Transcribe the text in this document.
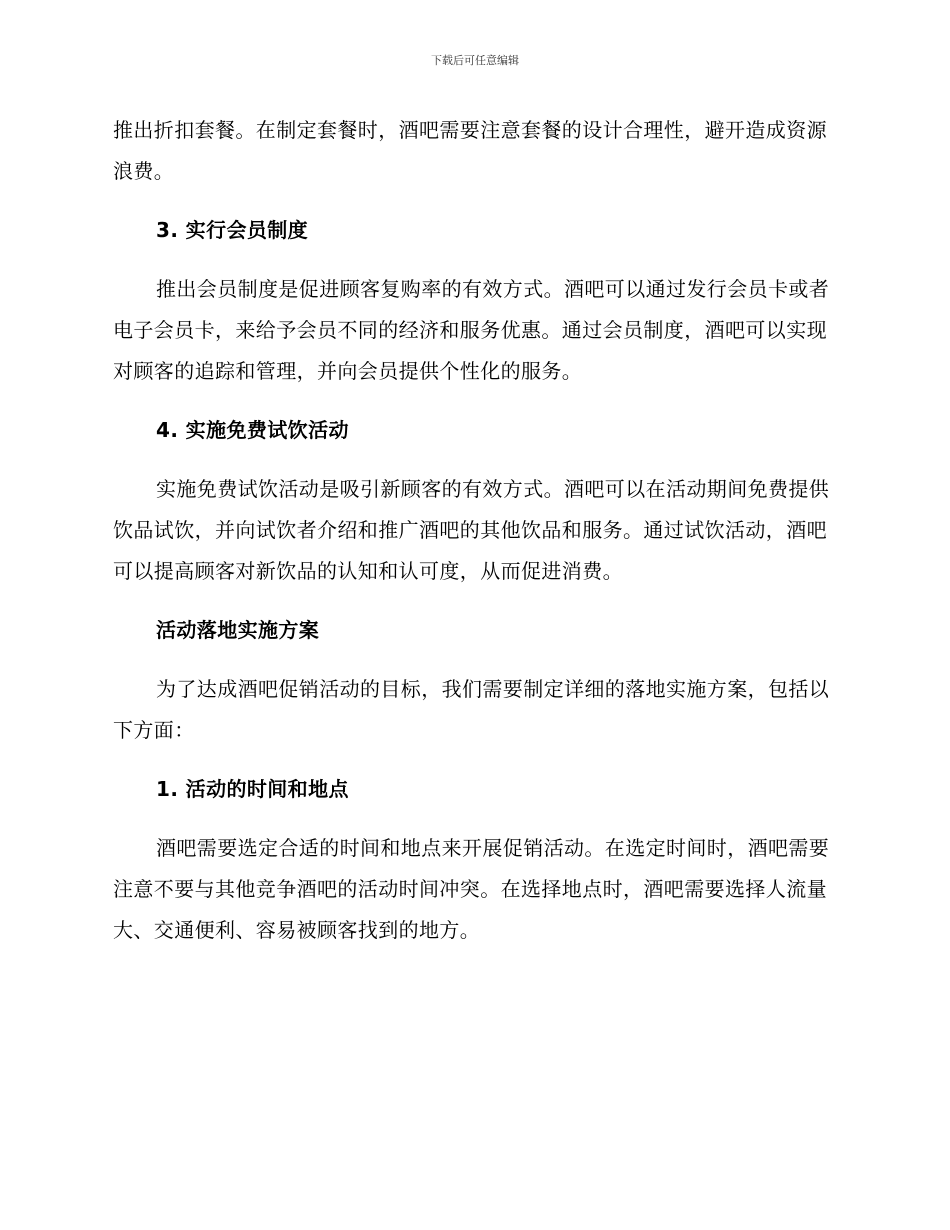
下载后可任意编辑

推出折扣套餐。在制定套餐时，酒吧需要注意套餐的设计合理性，避开造成资源浪费。

3. 实行会员制度

推出会员制度是促进顾客复购率的有效方式。酒吧可以通过发行会员卡或者电子会员卡，来给予会员不同的经济和服务优惠。通过会员制度，酒吧可以实现对顾客的追踪和管理，并向会员提供个性化的服务。

4. 实施免费试饮活动

实施免费试饮活动是吸引新顾客的有效方式。酒吧可以在活动期间免费提供饮品试饮，并向试饮者介绍和推广酒吧的其他饮品和服务。通过试饮活动，酒吧可以提高顾客对新饮品的认知和认可度，从而促进消费。

活动落地实施方案

为了达成酒吧促销活动的目标，我们需要制定详细的落地实施方案，包括以下方面：

1. 活动的时间和地点

酒吧需要选定合适的时间和地点来开展促销活动。在选定时间时，酒吧需要注意不要与其他竞争酒吧的活动时间冲突。在选择地点时，酒吧需要选择人流量大、交通便利、容易被顾客找到的地方。
